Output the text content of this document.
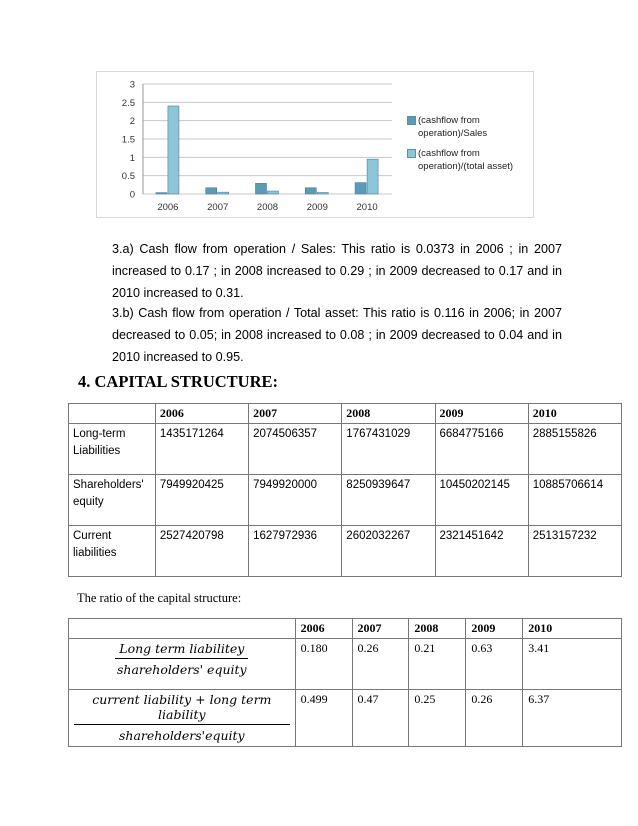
0
0.5
1
1.5
2
2.5
3
2006	2007	2008	2009	2010
(cashflow from operation)/Sales
(cashflow from operation)/(total asset)
3.a) Cash flow from operation / Sales: This ratio is 0.0373 in 2006 ; in 2007 increased to 0.17 ; in 2008 increased to 0.29 ; in 2009 decreased to 0.17 and in 2010 increased to 0.31.
3.b) Cash flow from operation / Total asset: This ratio is 0.116 in 2006; in 2007 decreased to 0.05; in 2008 increased to 0.08 ; in 2009 decreased to 0.04 and in 2010 increased to 0.95.
4. CAPITAL STRUCTURE:
	2006	2007	2008	2009	2010
Long-term Liabilities	1435171264	2074506357	1767431029	6684775166	2885155826
Shareholders' equity	7949920425	7949920000	8250939647	10450202145	10885706614
Current liabilities	2527420798	1627972936	2602032267	2321451642	2513157232
The ratio of the capital structure:
	2006	2007	2008	2009	2010

$\frac{\text{Long term liabilitey}}{\text{shareholders' equity}}$	0.180	0.26	0.21	0.63	3.41

$\frac{\text{current liability + long term liability}}{\text{shareholders'equity}}$	0.499	0.47	0.25	0.26	6.37
